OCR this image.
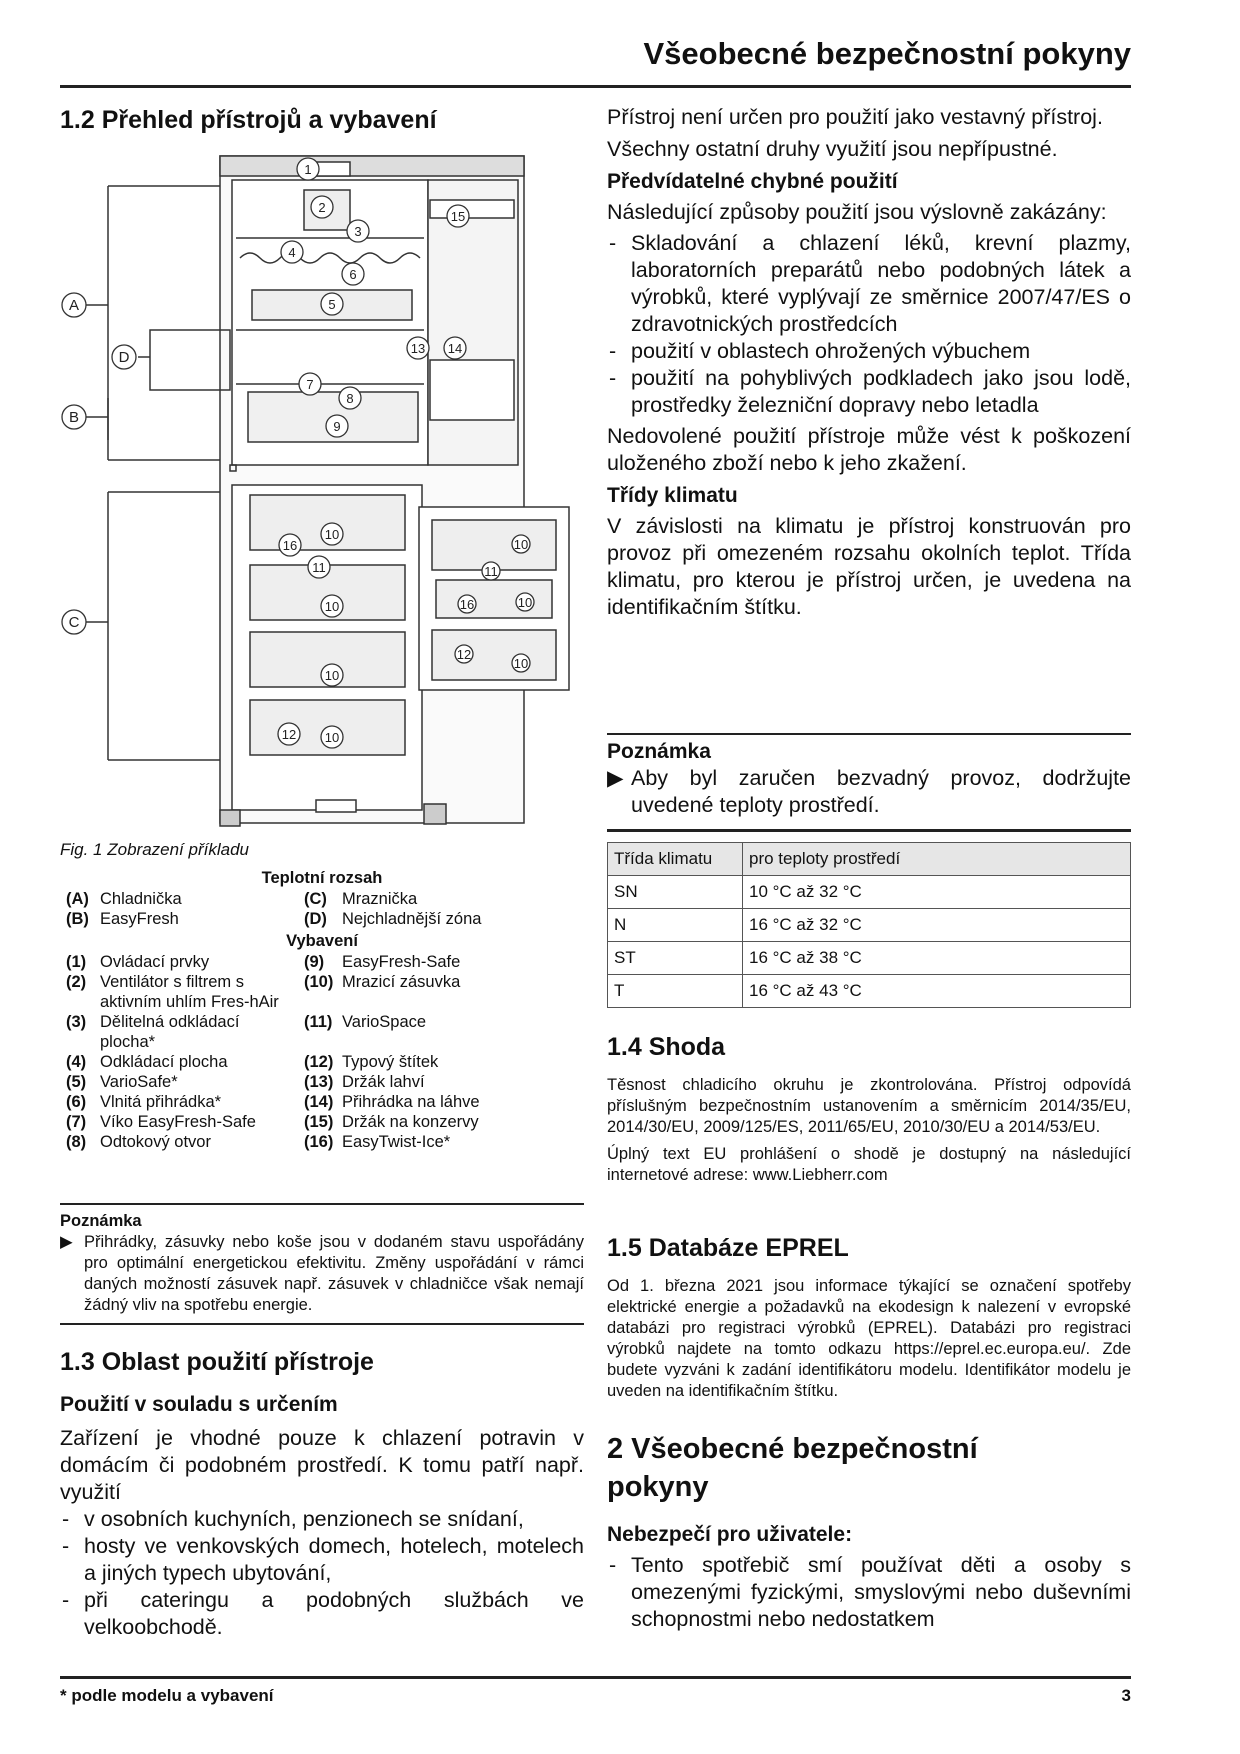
Všeobecné bezpečnostní pokyny
1.2 Přehled přístrojů a vybavení
A
D
B
C
1
2
3
4
6
5
15
13 14
7
8
9
10
16
11
10
10
12 10
10
11
16	10
12
10
Fig. 1 Zobrazení příkladu
Teplotní rozsah
(A)	Chladnička	(C)	Mraznička
(B)	EasyFresh	(D)	Nejchladnější zóna
Vybavení
(1)	Ovládací prvky	(9)	EasyFresh-Safe
(2)	Ventilátor s filtrem s aktivním uhlím Fres-hAir	(10)	Mrazicí zásuvka
(3)	Dělitelná odkládací plocha*	(11)	VarioSpace
(4)	Odkládací plocha	(12)	Typový štítek
(5)	VarioSafe*	(13)	Držák lahví
(6)	Vlnitá přihrádka*	(14)	Přihrádka na láhve
(7)	Víko EasyFresh-Safe	(15)	Držák na konzervy
(8)	Odtokový otvor	(16)	EasyTwist-Ice*
Poznámka
▶ Přihrádky, zásuvky nebo koše jsou v dodaném stavu uspořádány pro optimální energetickou efektivitu. Změny uspořádání v rámci daných možností zásuvek např. zásuvek v chladničce však nemají žádný vliv na spotřebu energie.
1.3 Oblast použití přístroje
Použití v souladu s určením

Zařízení je vhodné pouze k chlazení potravin v domácím či podobném prostředí. K tomu patří např. využití

- v osobních kuchyních, penzionech se snídaní,
- hosty ve venkovských domech, hotelech, motelech a jiných typech ubytování,
- při cateringu a podobných službách ve velkoobchodě.

Přístroj není určen pro použití jako vestavný přístroj.

Všechny ostatní druhy využití jsou nepřípustné.

Předvídatelné chybné použití

Následující způsoby použití jsou výslovně zakázány:

- Skladování a chlazení léků, krevní plazmy, laboratorních preparátů nebo podobných látek a výrobků, které vyplývají ze směrnice 2007/47/ES o zdravotnických prostředcích
- použití v oblastech ohrožených výbuchem
- použití na pohyblivých podkladech jako jsou lodě, prostředky železniční dopravy nebo letadla

Nedovolené použití přístroje může vést k poškození uloženého zboží nebo k jeho zkažení.

Třídy klimatu

V závislosti na klimatu je přístroj konstruován pro provoz při omezeném rozsahu okolních teplot. Třída klimatu, pro kterou je přístroj určen, je uvedena na identifikačním štítku.

Poznámka
▶ Aby byl zaručen bezvadný provoz, dodržujte uvedené teploty prostředí.
Třída klimatu	pro teploty prostředí
SN	10 °C až 32 °C
N	16 °C až 32 °C
ST	16 °C až 38 °C
T	16 °C až 43 °C
1.4 Shoda

Těsnost chladicího okruhu je zkontrolována. Přístroj odpovídá příslušným bezpečnostním ustanovením a směrnicím 2014/35/EU, 2014/30/EU, 2009/125/ES, 2011/65/EU, 2010/30/EU a 2014/53/EU.

Úplný text EU prohlášení o shodě je dostupný na následující internetové adrese: www.Liebherr.com

1.5 Databáze EPREL

Od 1. března 2021 jsou informace týkající se označení spotřeby elektrické energie a požadavků na ekodesign k nalezení v evropské databázi pro registraci výrobků (EPREL). Databázi pro registraci výrobků najdete na tomto odkazu https://eprel.ec.europa.eu/. Zde budete vyzváni k zadání identifikátoru modelu. Identifikátor modelu je uveden na identifikačním štítku.

2 Všeobecné bezpečnostní pokyny
Nebezpečí pro uživatele:
- Tento spotřebič smí používat děti a osoby s omezenými fyzickými, smyslovými nebo duševními schopnostmi nebo nedostatkem
* podle modelu a vybavení	3
